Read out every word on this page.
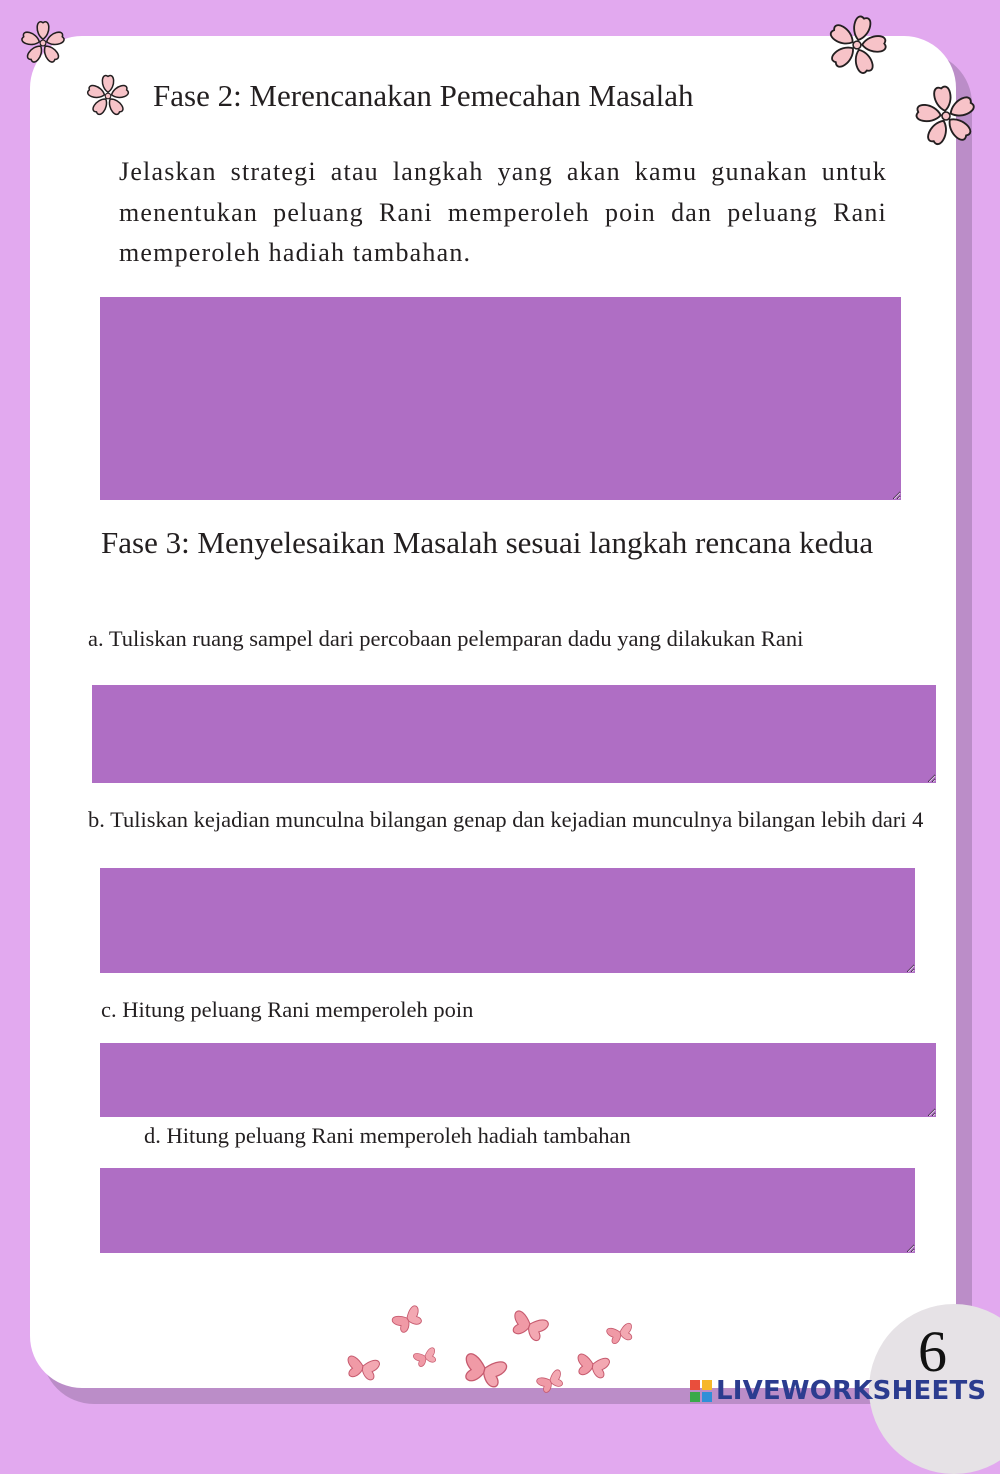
Fase 2: Merencanakan Pemecahan Masalah
Jelaskan strategi atau langkah yang akan kamu gunakan untuk menentukan peluang Rani memperoleh poin dan peluang Rani memperoleh hadiah tambahan.
Fase 3: Menyelesaikan Masalah sesuai langkah rencana kedua
a. Tuliskan ruang sampel dari percobaan pelemparan dadu yang dilakukan Rani
b. Tuliskan kejadian munculna bilangan genap dan kejadian munculnya bilangan lebih dari 4
c. Hitung peluang Rani memperoleh poin
d. Hitung peluang Rani memperoleh hadiah tambahan
6
LIVEWORKSHEETS
